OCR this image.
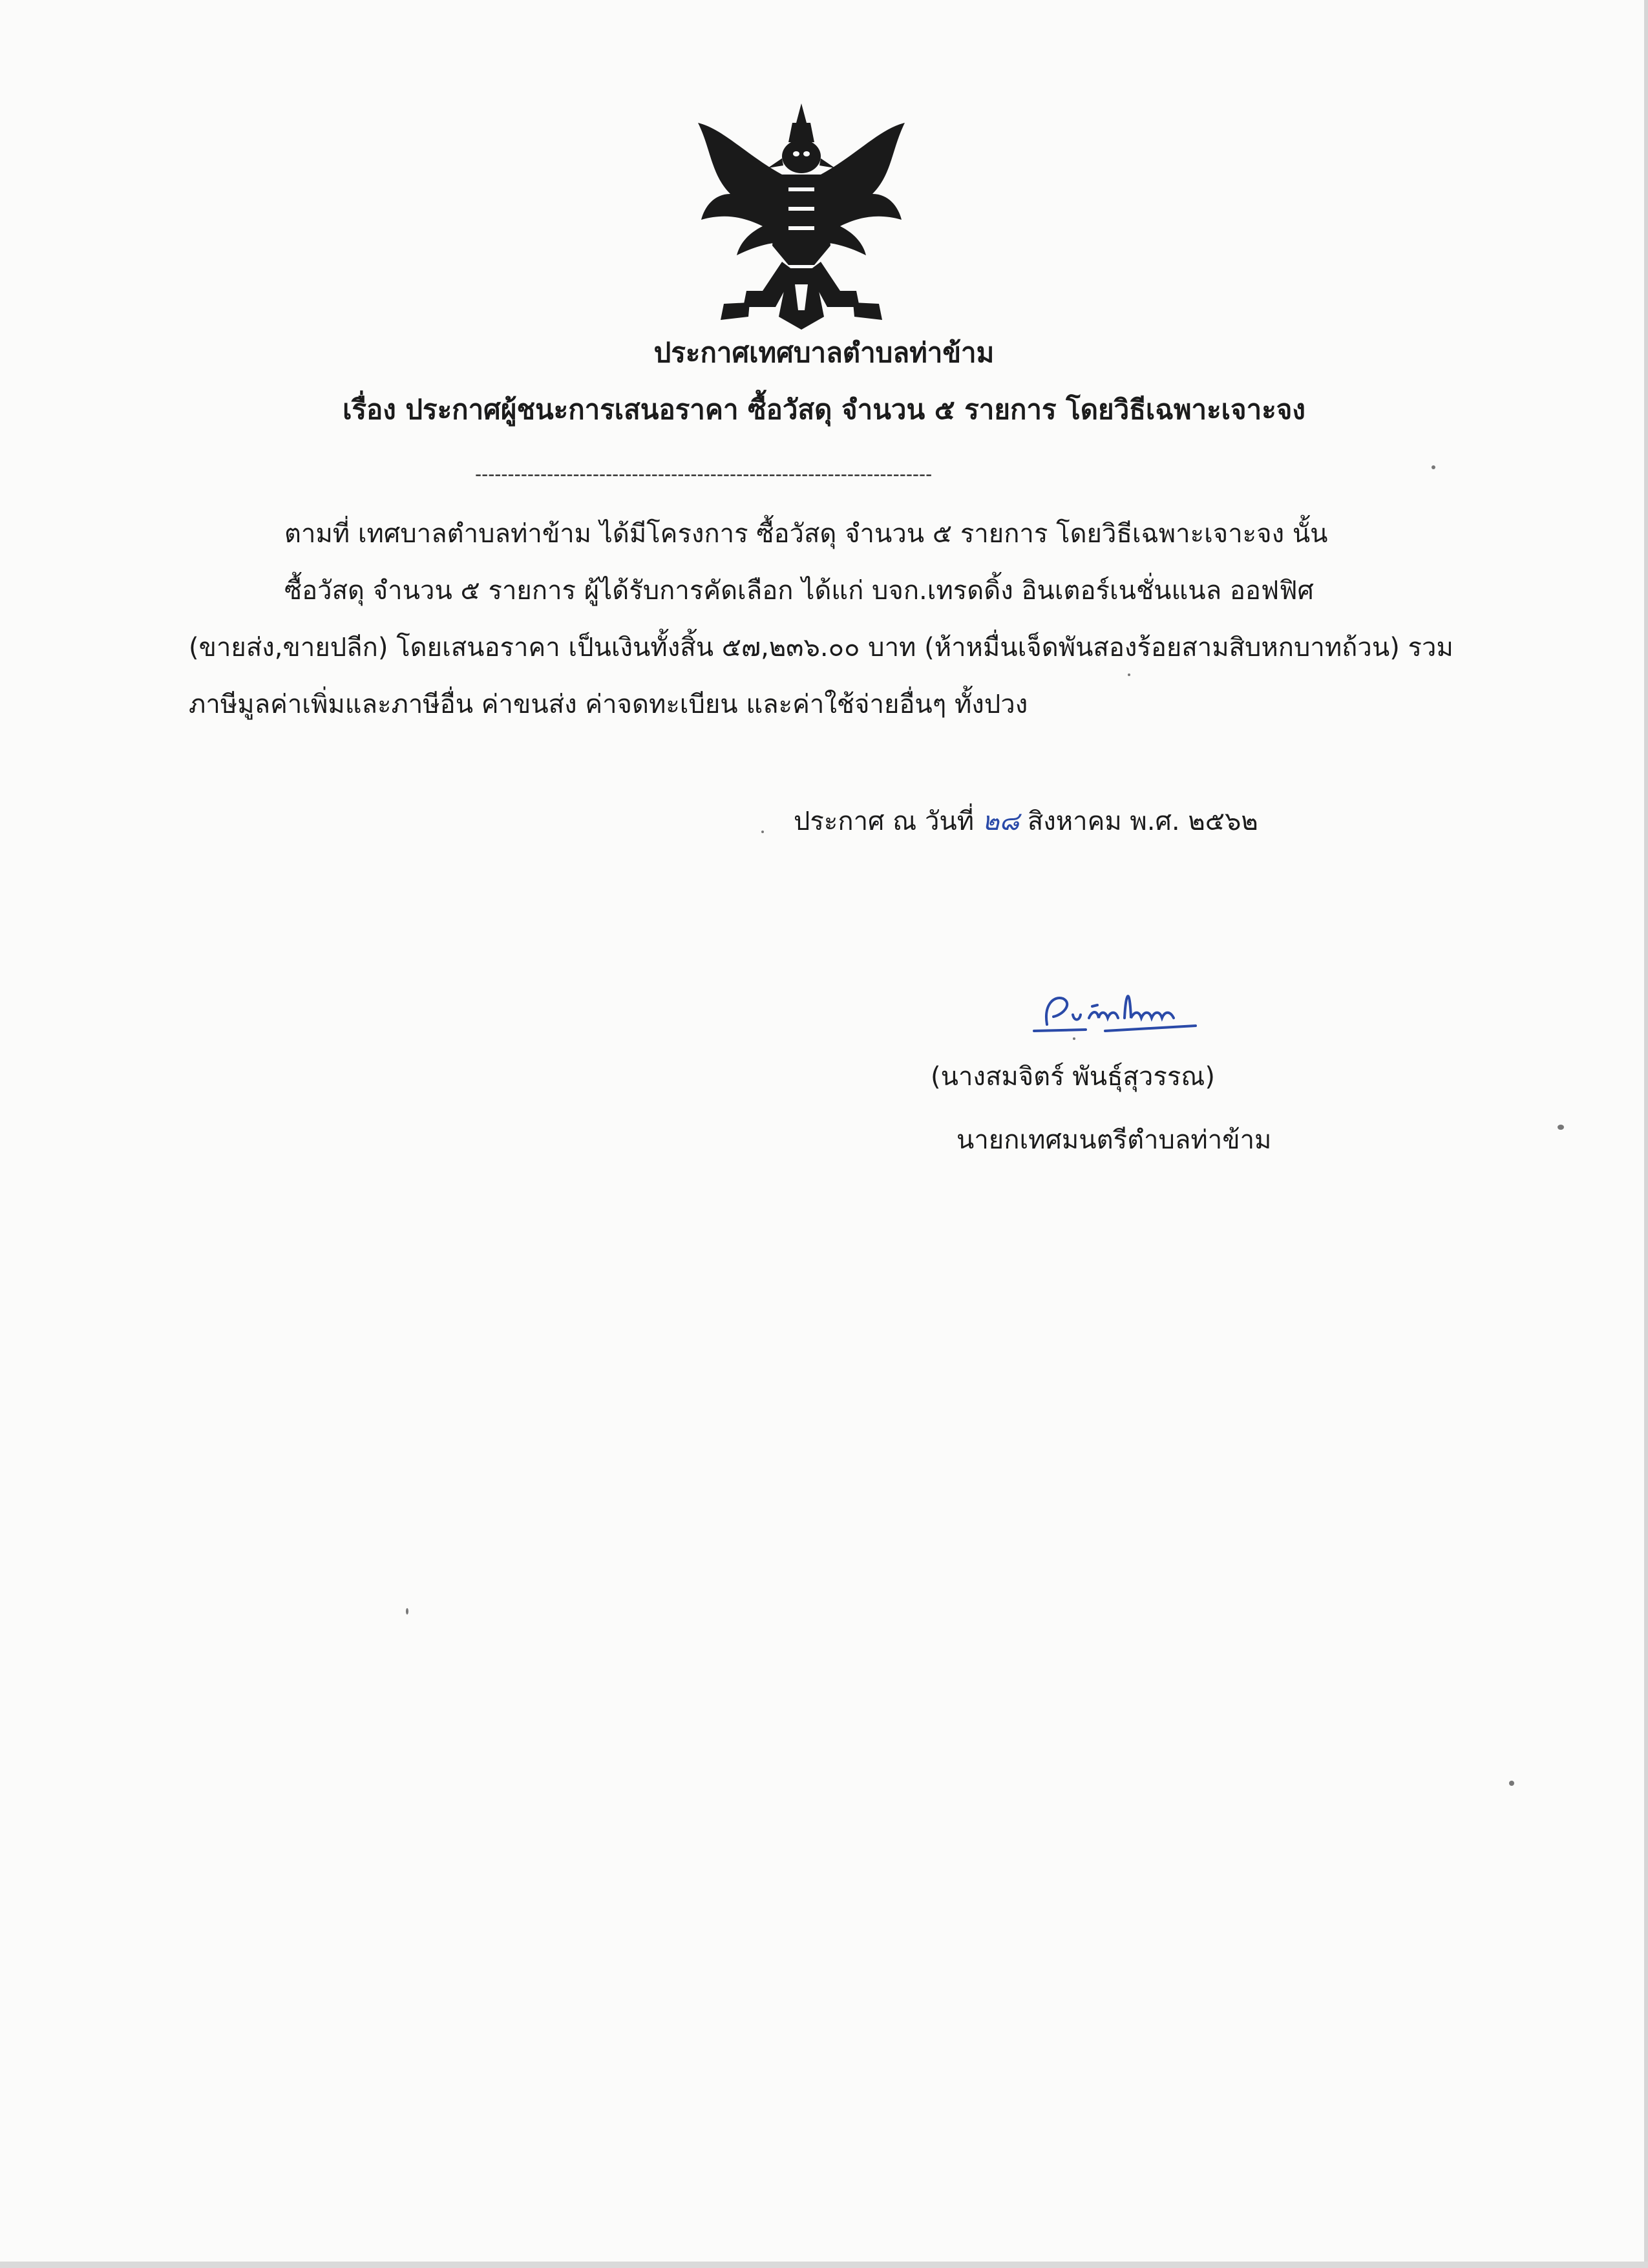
ประกาศเทศบาลตำบลท่าข้าม
เรื่อง ประกาศผู้ชนะการเสนอราคา ซื้อวัสดุ จำนวน ๕ รายการ โดยวิธีเฉพาะเจาะจง
----------------------------------------------------------------------
ตามที่ เทศบาลตำบลท่าข้าม ได้มีโครงการ ซื้อวัสดุ จำนวน ๕ รายการ โดยวิธีเฉพาะเจาะจง นั้น
ซื้อวัสดุ จำนวน ๕ รายการ ผู้ได้รับการคัดเลือก ได้แก่ บจก.เทรดดิ้ง อินเตอร์เนชั่นแนล ออฟฟิศ
(ขายส่ง,ขายปลีก) โดยเสนอราคา เป็นเงินทั้งสิ้น ๕๗,๒๓๖.๐๐ บาท (ห้าหมื่นเจ็ดพันสองร้อยสามสิบหกบาทถ้วน) รวม
ภาษีมูลค่าเพิ่มและภาษีอื่น ค่าขนส่ง ค่าจดทะเบียน และค่าใช้จ่ายอื่นๆ ทั้งปวง
ประกาศ ณ วันที่ ๒๘ สิงหาคม พ.ศ. ๒๕๖๒
(นางสมจิตร์ พันธุ์สุวรรณ)
นายกเทศมนตรีตำบลท่าข้าม
